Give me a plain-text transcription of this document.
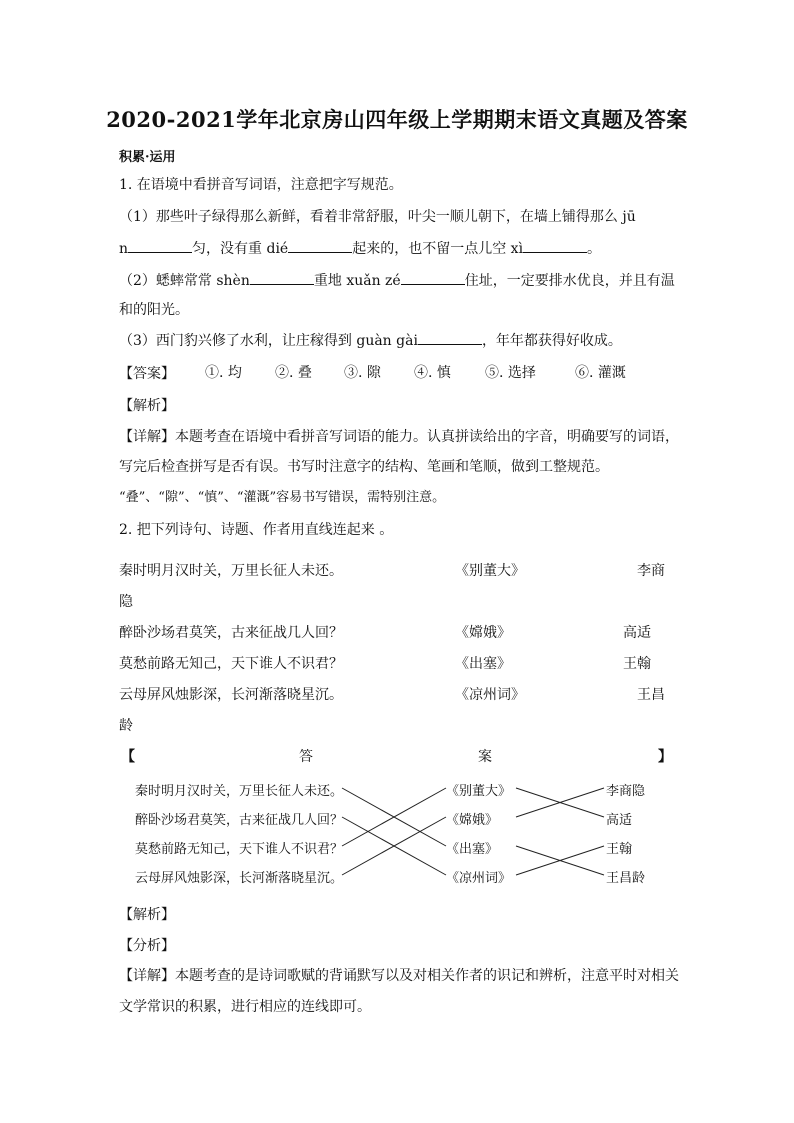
2020-2021学年北京房山四年级上学期期末语文真题及答案
积累·运用
1. 在语境中看拼音写词语，注意把字写规范。
（1）那些叶子绿得那么新鲜，看着非常舒服，叶尖一顺儿朝下，在墙上铺得那么 jū
n	匀，没有重 dié	起来的，也不留一点儿空 xì	。
（2）蟋蟀常常 shèn	重地 xuǎn zé	住址，一定要排水优良，并且有温
和的阳光。
（3）西门豹兴修了水利，让庄稼得到 guàn gài	，年年都获得好收成。
【答案】 ①. 均 ②. 叠 ③. 隙 ④. 慎 ⑤. 选择	⑥. 灌溉
【解析】
【详解】本题考查在语境中看拼音写词语的能力。认真拼读给出的字音，明确要写的词语，
写完后检查拼写是否有误。书写时注意字的结构、笔画和笔顺，做到工整规范。
“叠”、“隙”、“慎”、“灌溉”容易书写错误，需特别注意。
2. 把下列诗句、诗题、作者用直线连起来 。
秦时明月汉时关，万里长征人未还。	《别董大》	李商
隐
醉卧沙场君莫笑，古来征战几人回？	《嫦娥》	高适
莫愁前路无知己，天下谁人不识君？	《出塞》	王翰
云母屏风烛影深，长河渐落晓星沉。	《凉州词》	王昌
龄
【	答	案	】
秦时明月汉时关，万里长征人未还。
醉卧沙场君莫笑，古来征战几人回？
莫愁前路无知己，天下谁人不识君？
云母屏风烛影深，长河渐落晓星沉。
《别董大》
《嫦娥》
《出塞》
《凉州词》
李商隐
高适
王翰
王昌龄
【解析】
【分析】
【详解】本题考查的是诗词歌赋的背诵默写以及对相关作者的识记和辨析，注意平时对相关
文学常识的积累，进行相应的连线即可。
